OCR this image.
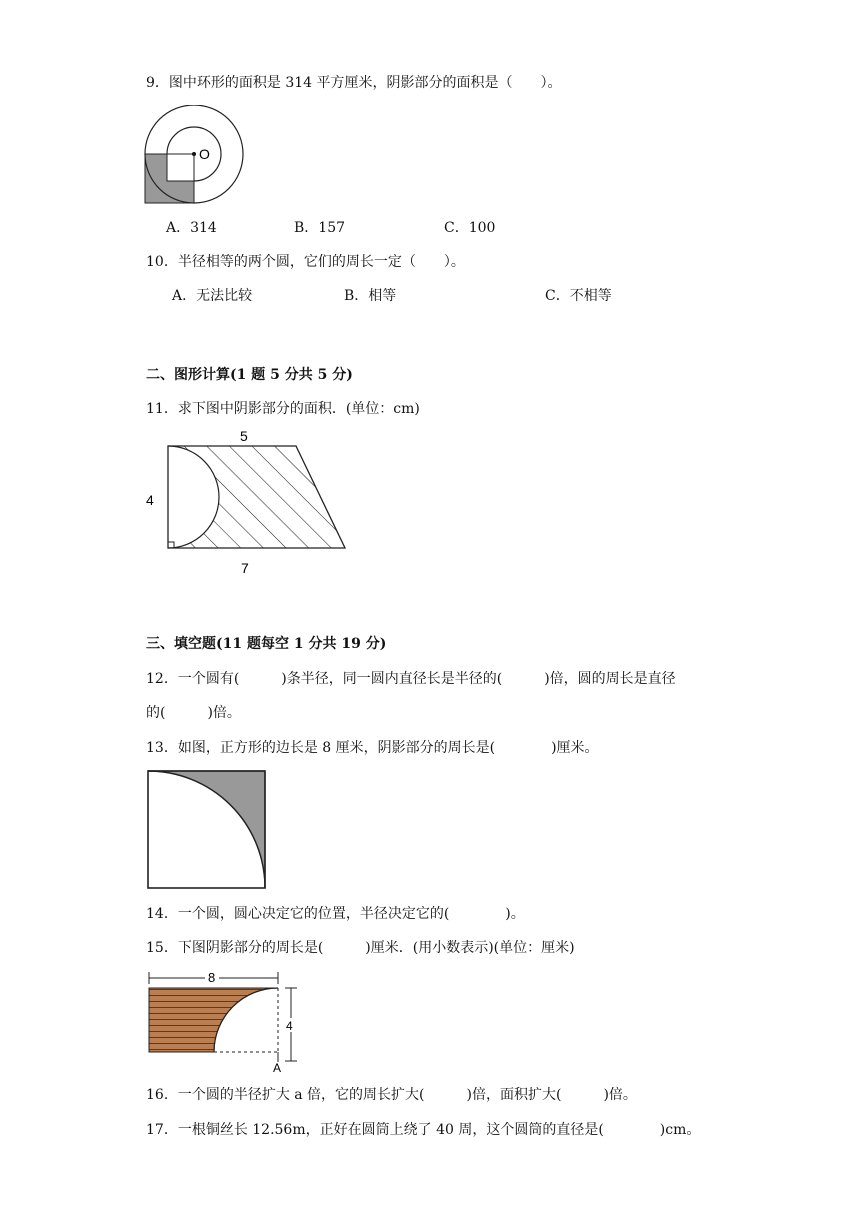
9．图中环形的面积是 314 平方厘米，阴影部分的面积是（　　）。
O
A．314	B．157	C．100
10．半径相等的两个圆，它们的周长一定（　　）。
A．无法比较	B．相等	C．不相等
二、图形计算(1 题 5 分共 5 分)
11．求下图中阴影部分的面积．(单位：cm)
5
4
7
三、填空题(11 题每空 1 分共 19 分)
12．一个圆有(　　　)条半径，同一圆内直径长是半径的(　　　)倍，圆的周长是直径
的(　　　)倍。
13．如图，正方形的边长是 8 厘米，阴影部分的周长是(　　　　)厘米。
14．一个圆，圆心决定它的位置，半径决定它的(　　　　)。
15．下图阴影部分的周长是(　　　)厘米．(用小数表示)(单位：厘米)
8
4
A
16．一个圆的半径扩大 a 倍，它的周长扩大(　　　)倍，面积扩大(　　　)倍。
17．一根铜丝长 12.56m，正好在圆筒上绕了 40 周，这个圆筒的直径是(　　　　)cm。
